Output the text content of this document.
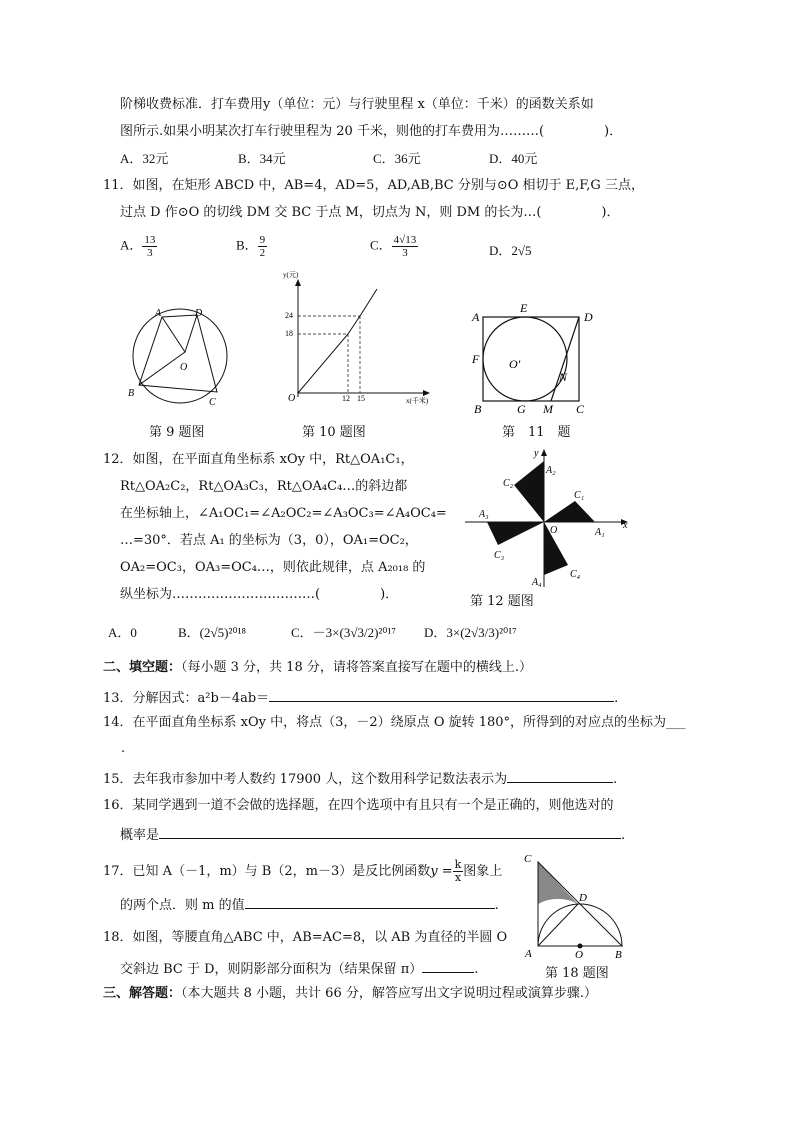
阶梯收费标准．打车费用y（单位：元）与行驶里程 x（单位：千米）的函数关系如
图所示.如果小明某次打车行驶里程为 20 千米，则他的打车费用为………(	)．
A．32元	B．34元	C．36元	D．40元
11．如图，在矩形 ABCD 中，AB=4，AD=5，AD,AB,BC 分别与⊙O 相切于 E,F,G 三点，
过点 D 作⊙O 的切线 DM 交 BC 于点 M，切点为 N，则 DM 的长为…(	)．
A． $\frac{13}{3}$	B． $\frac{9}{2}$	C． $\frac{4√13}{3}$	D．2√5
A	D
O
B
C
第 9 题图
y(元)
24
18
O	12 15	x(千米)
第 10 题图
A
E
D
F O'
N
B	G M C
第　11　题
12．如图，在平面直角坐标系 xOy 中，Rt△OA₁C₁，
Rt△OA₂C₂，Rt△OA₃C₃，Rt△OA₄C₄…的斜边都
在坐标轴上，∠A₁OC₁=∠A₂OC₂=∠A₃OC₃=∠A₄OC₄=
…=30°．若点 A₁ 的坐标为（3，0），OA₁=OC₂，
OA₂=OC₃，OA₃=OC₄…，则依此规律，点 A₂₀₁₈ 的
纵坐标为……………………………(	)．
A．0	B．(2√5)²⁰¹⁸	C．－3×(3√3/2)²⁰¹⁷ D．3×(2√3/3)²⁰¹⁷
y
A₂
C₂
C₁
A₃
O	A₁
x
C₃
A₄
C₄
第 12 题图
二、填空题：（每小题 3 分，共 18 分，请将答案直接写在题中的横线上.）
13．分解因式：a²b－4ab＝	.
14．在平面直角坐标系 xOy 中，将点（3，－2）绕原点 O 旋转 180°，所得到的对应点的坐标为___
.
15．去年我市参加中考人数约 17900 人，这个数用科学记数法表示为	.
16．某同学遇到一道不会做的选择题，在四个选项中有且只有一个是正确的，则他选对的
概率是	.
17．已知 A（－1，m）与 B（2，m－3）是反比例函数$y = \frac{k}{x}$ 图象上
的两个点．则 m 的值	.
18．如图，等腰直角△ABC 中，AB=AC=8，以 AB 为直径的半圆 O
交斜边 BC 于 D，则阴影部分面积为（结果保留 π）	.
C
D
A	O	B
第 18 题图
三、解答题：（本大题共 8 小题，共计 66 分，解答应写出文字说明过程或演算步骤.）
